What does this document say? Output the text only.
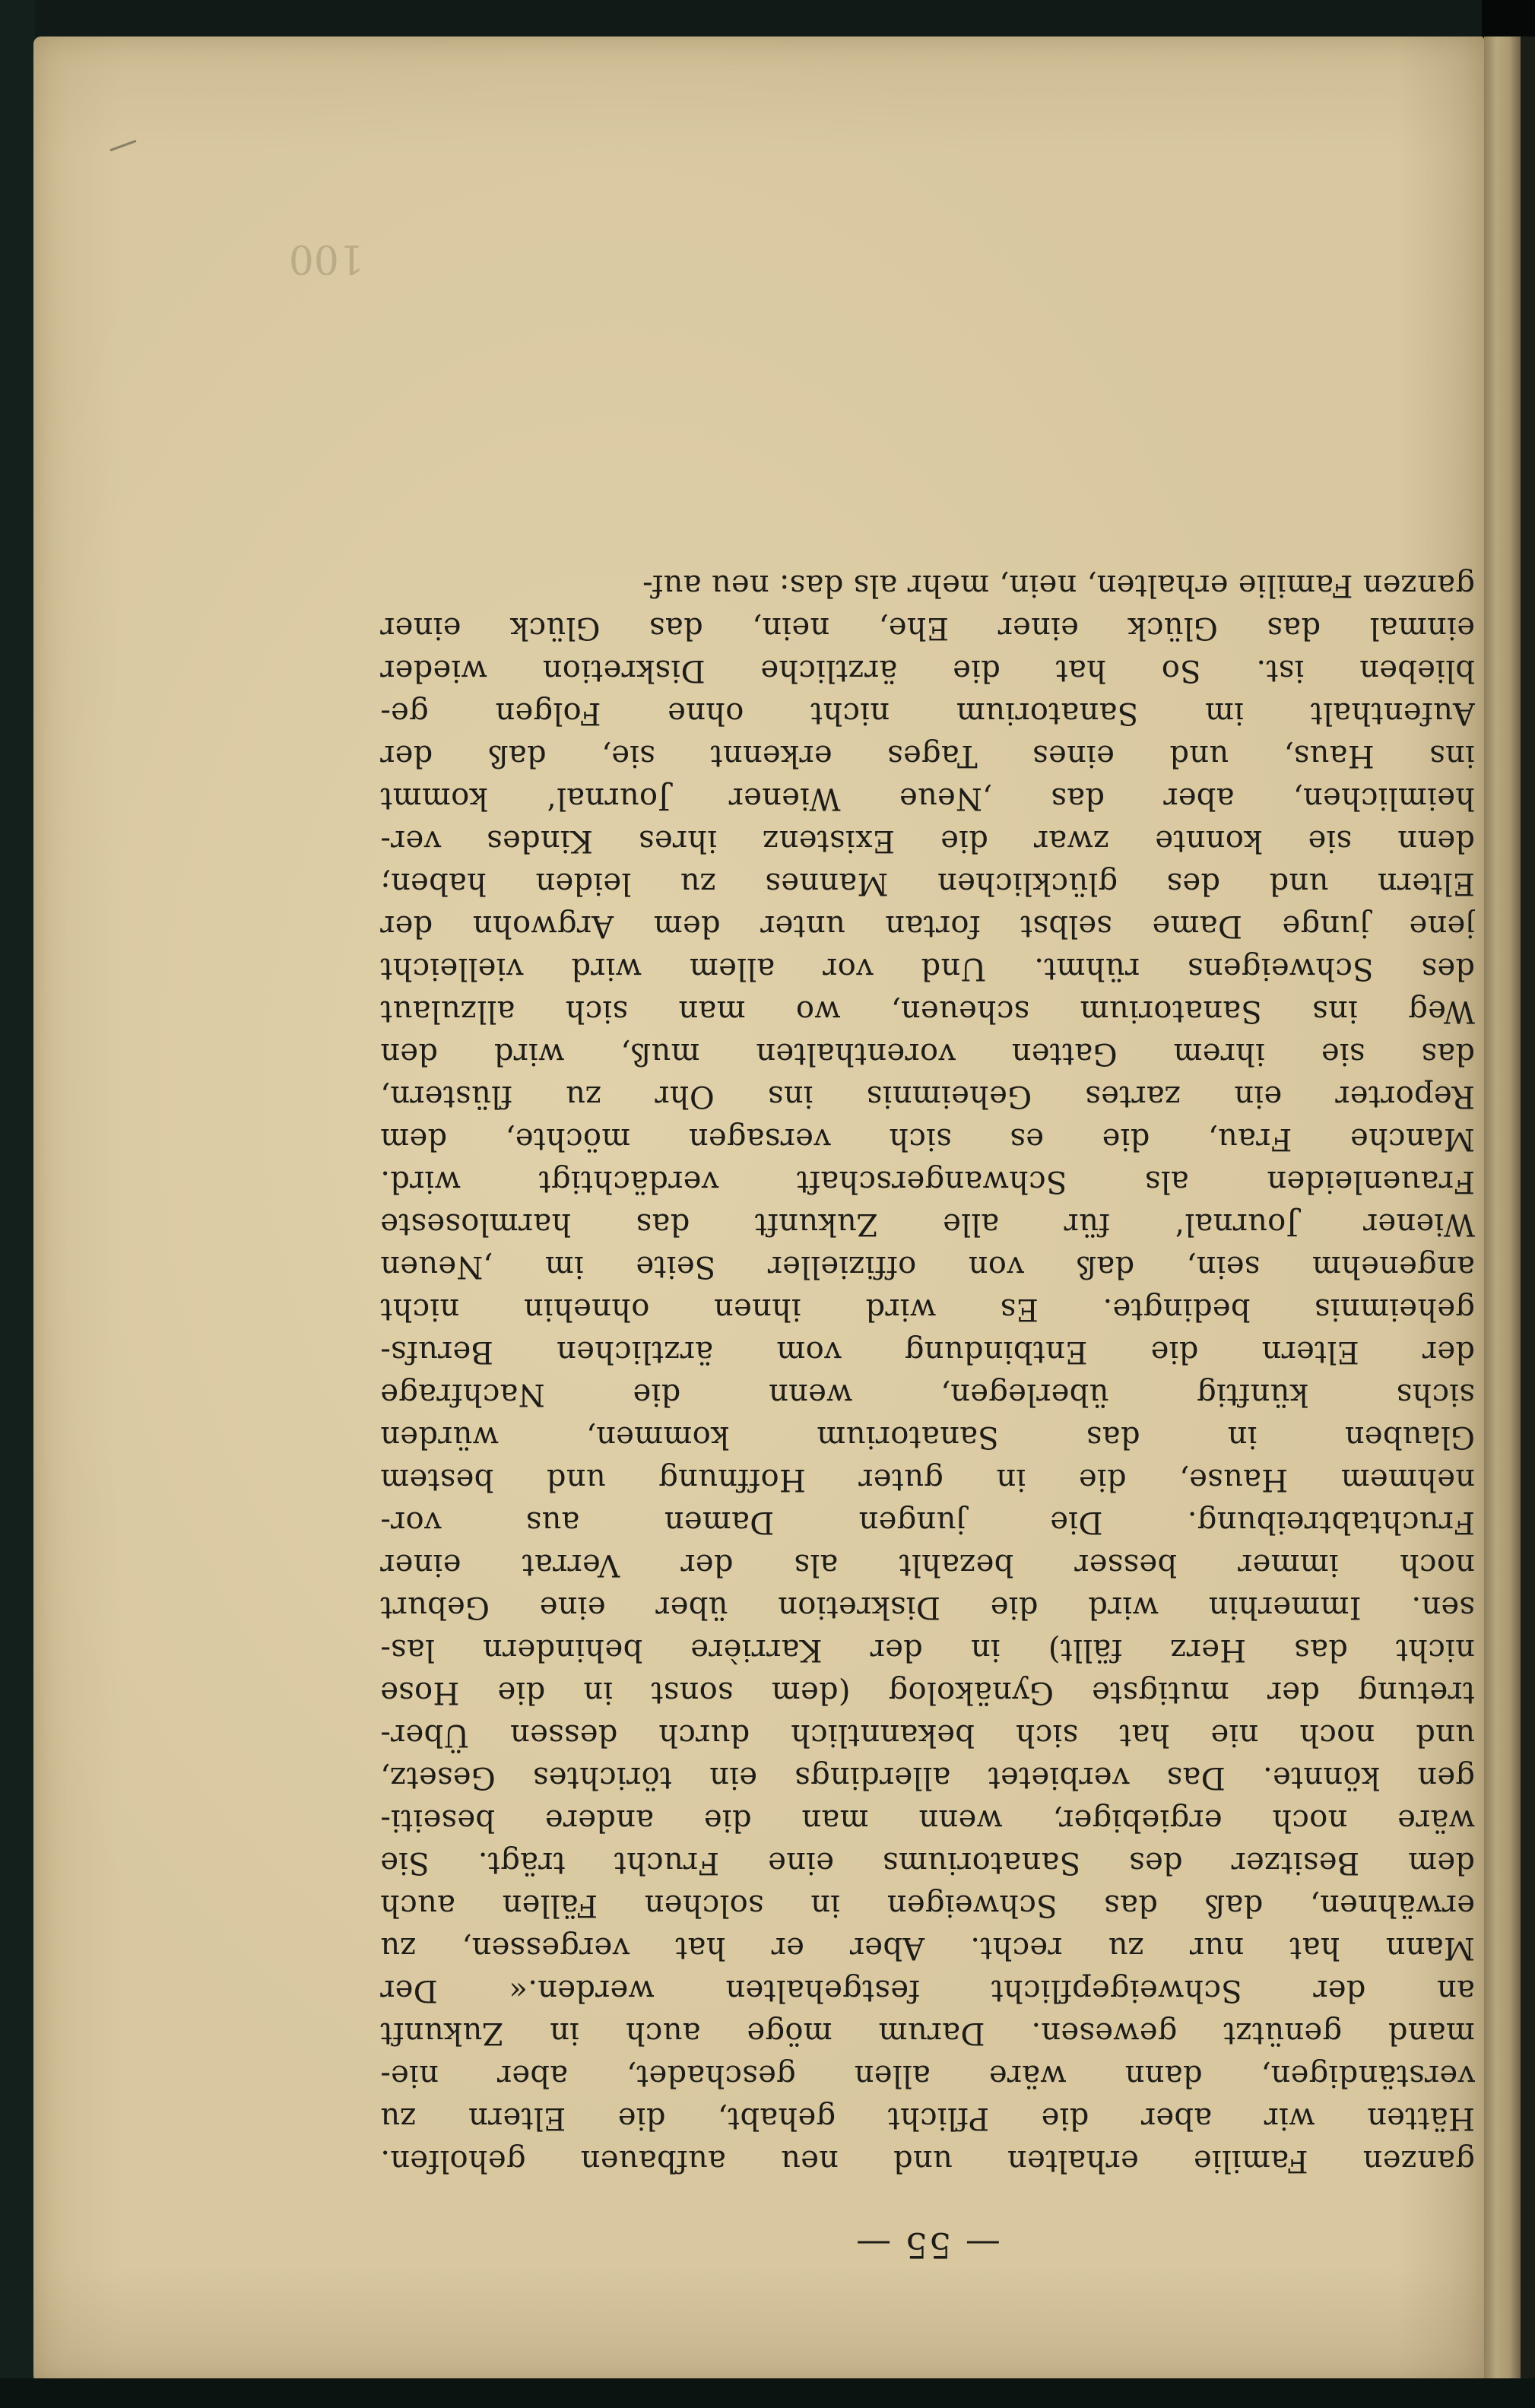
100
— 55 —
ganzen Familie erhalten und neu aufbauen geholfen.
Hätten wir aber die Pflicht gehabt, die Eltern zu
verständigen, dann wäre allen geschadet, aber nie-
mand genützt gewesen. Darum möge auch in Zukunft
an der Schweigepflicht festgehalten werden.« Der
Mann hat nur zu recht. Aber er hat vergessen, zu
erwähnen, daß das Schweigen in solchen Fällen auch
dem Besitzer des Sanatoriums eine Frucht trägt. Sie
wäre noch ergiebiger, wenn man die andere beseiti-
gen könnte. Das verbietet allerdings ein törichtes Gesetz,
und noch nie hat sich bekanntlich durch dessen Über-
tretung der mutigste Gynäkolog (dem sonst in die Hose
nicht das Herz fällt) in der Karrière behindern las-
sen. Immerhin wird die Diskretion über eine Geburt
noch immer besser bezahlt als der Verrat einer
Fruchtabtreibung. Die jungen Damen aus vor-
nehmem Hause, die in guter Hoffnung und bestem
Glauben in das Sanatorium kommen, würden
sichs künftig überlegen, wenn die Nachfrage
der Eltern die Entbindung vom ärztlichen Berufs-
geheimnis bedingte. Es wird ihnen ohnehin nicht
angenehm sein, daß von offizieller Seite im ‚Neuen
Wiener Journal‘ für alle Zukunft das harmloseste
Frauenleiden als Schwangerschaft verdächtigt wird.
Manche Frau, die es sich versagen möchte, dem
Reporter ein zartes Geheimnis ins Ohr zu flüstern,
das sie ihrem Gatten vorenthalten muß, wird den
Weg ins Sanatorium scheuen, wo man sich allzulaut
des Schweigens rühmt. Und vor allem wird vielleicht
jene junge Dame selbst fortan unter dem Argwohn der
Eltern und des glücklichen Mannes zu leiden haben;
denn sie konnte zwar die Existenz ihres Kindes ver-
heimlichen, aber das ‚Neue Wiener Journal‘ kommt
ins Haus, und eines Tages erkennt sie, daß der
Aufenthalt im Sanatorium nicht ohne Folgen ge-
blieben ist. So hat die ärztliche Diskretion wieder
einmal das Glück einer Ehe, nein, das Glück einer
ganzen Familie erhalten, nein, mehr als das: neu auf-
